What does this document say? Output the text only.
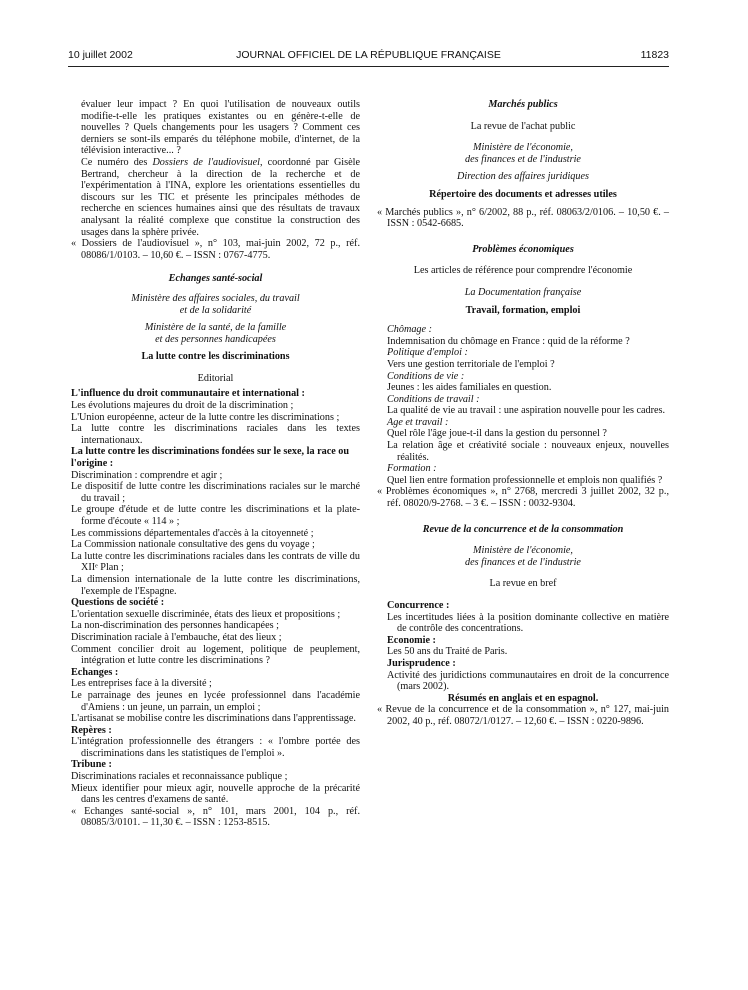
10 juillet 2002	JOURNAL OFFICIEL DE LA RÉPUBLIQUE FRANÇAISE	11823

évaluer leur impact ? En quoi l'utilisation de nouveaux outils modifie-t-elle les pratiques existantes ou en génère-t-elle de nouvelles ? Quels changements pour les usagers ? Comment ces derniers se sont-ils emparés du téléphone mobile, d'internet, de la télévision interactive... ?

Ce numéro des Dossiers de l'audiovisuel, coordonné par Gisèle Bertrand, chercheur à la direction de la recherche et de l'expérimentation à l'INA, explore les orientations essentielles du discours sur les TIC et présente les principales méthodes de recherche en sciences humaines ainsi que des résultats de travaux analysant la réalité complexe que constitue la construction des usages dans la sphère privée.

« Dossiers de l'audiovisuel », n° 103, mai-juin 2002, 72 p., réf. 08086/1/0103. – 10,60 €. – ISSN : 0767-4775.

Echanges santé-social

Ministère des affaires sociales, du travail

et de la solidarité

Ministère de la santé, de la famille

et des personnes handicapées

La lutte contre les discriminations

Editorial

L'influence du droit communautaire et international :

Les évolutions majeures du droit de la discrimination ;

L'Union européenne, acteur de la lutte contre les discriminations ;

La lutte contre les discriminations raciales dans les textes internationaux.

La lutte contre les discriminations fondées sur le sexe, la race ou l'origine :

Discrimination : comprendre et agir ;

Le dispositif de lutte contre les discriminations raciales sur le marché du travail ;

Le groupe d'étude et de lutte contre les discriminations et la plate-forme d'écoute « 114 » ;

Les commissions départementales d'accès à la citoyenneté ;

La Commission nationale consultative des gens du voyage ;

La lutte contre les discriminations raciales dans les contrats de ville du XIIᵉ Plan ;

La dimension internationale de la lutte contre les discriminations, l'exemple de l'Espagne.

Questions de société :

L'orientation sexuelle discriminée, états des lieux et propositions ;

La non-discrimination des personnes handicapées ;

Discrimination raciale à l'embauche, état des lieux ;

Comment concilier droit au logement, politique de peuplement, intégration et lutte contre les discriminations ?

Echanges :

Les entreprises face à la diversité ;

Le parrainage des jeunes en lycée professionnel dans l'académie d'Amiens : un jeune, un parrain, un emploi ;

L'artisanat se mobilise contre les discriminations dans l'apprentissage.

Repères :

L'intégration professionnelle des étrangers : « l'ombre portée des discriminations dans les statistiques de l'emploi ».

Tribune :

Discriminations raciales et reconnaissance publique ;

Mieux identifier pour mieux agir, nouvelle approche de la précarité dans les centres d'examens de santé.

« Echanges santé-social », n° 101, mars 2001, 104 p., réf. 08085/3/0101. – 11,30 €. – ISSN : 1253-8515.

Marchés publics

La revue de l'achat public

Ministère de l'économie,

des finances et de l'industrie

Direction des affaires juridiques

Répertoire des documents et adresses utiles

« Marchés publics », n° 6/2002, 88 p., réf. 08063/2/0106. – 10,50 €. – ISSN : 0542-6685.

Problèmes économiques

Les articles de référence pour comprendre l'économie

La Documentation française

Travail, formation, emploi

Chômage :

Indemnisation du chômage en France : quid de la réforme ?

Politique d'emploi :

Vers une gestion territoriale de l'emploi ?

Conditions de vie :

Jeunes : les aides familiales en question.

Conditions de travail :

La qualité de vie au travail : une aspiration nouvelle pour les cadres.

Age et travail :

Quel rôle l'âge joue-t-il dans la gestion du personnel ?

La relation âge et créativité sociale : nouveaux enjeux, nouvelles réalités.

Formation :

Quel lien entre formation professionnelle et emplois non qualifiés ?

« Problèmes économiques », n° 2768, mercredi 3 juillet 2002, 32 p., réf. 08020/9-2768. – 3 €. – ISSN : 0032-9304.

Revue de la concurrence et de la consommation

Ministère de l'économie,

des finances et de l'industrie

La revue en bref

Concurrence :

Les incertitudes liées à la position dominante collective en matière de contrôle des concentrations.

Economie :

Les 50 ans du Traité de Paris.

Jurisprudence :

Activité des juridictions communautaires en droit de la concurrence (mars 2002).

Résumés en anglais et en espagnol.

« Revue de la concurrence et de la consommation », n° 127, mai-juin 2002, 40 p., réf. 08072/1/0127. – 12,60 €. – ISSN : 0220-9896.
